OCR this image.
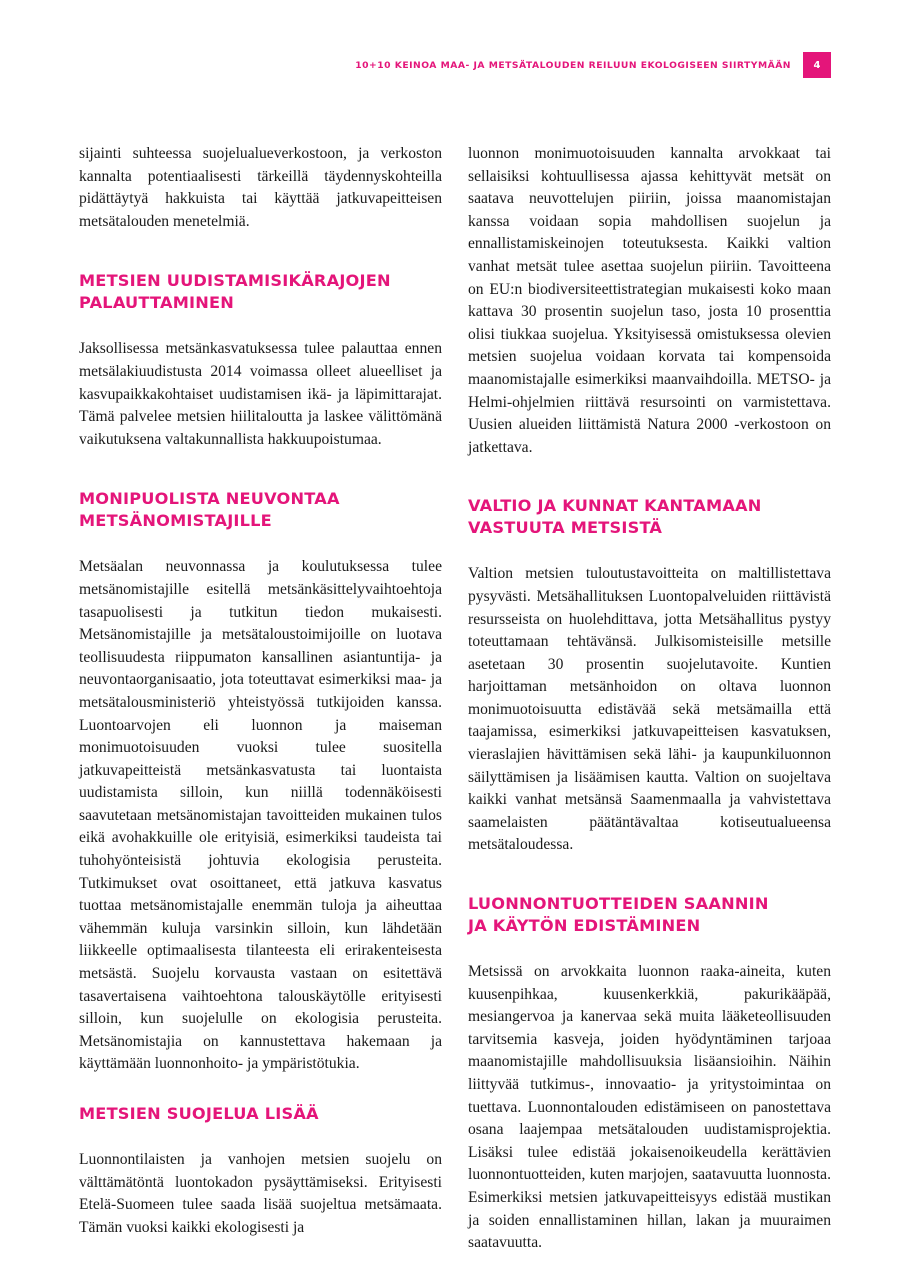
10+10 KEINOA MAA- JA METSÄTALOUDEN REILUUN EKOLOGISEEN SIIRTYMÄÄN	4

sijainti suhteessa suojelualueverkostoon, ja verkoston kannalta potentiaalisesti tärkeillä täydennyskohteilla pidättäytyä hakkuista tai käyttää jatkuvapeitteisen metsätalouden menetelmiä.

METSIEN UUDISTAMISIKÄRAJOJEN
PALAUTTAMINEN

Jaksollisessa metsänkasvatuksessa tulee palauttaa ennen metsälakiuudistusta 2014 voimassa olleet alueelliset ja kasvupaikkakohtaiset uudistamisen ikä- ja läpimittarajat. Tämä palvelee metsien hiilitaloutta ja laskee välittömänä vaikutuksena valtakunnallista hakkuupoistumaa.

MONIPUOLISTA NEUVONTAA
METSÄNOMISTAJILLE

Metsäalan neuvonnassa ja koulutuksessa tulee metsänomistajille esitellä metsänkäsittelyvaihtoehtoja tasapuolisesti ja tutkitun tiedon mukaisesti. Metsänomistajille ja metsätaloustoimijoille on luotava teollisuudesta riippumaton kansallinen asiantuntija- ja neuvontaorganisaatio, jota toteuttavat esimerkiksi maa- ja metsätalousministeriö yhteistyössä tutkijoiden kanssa. Luontoarvojen eli luonnon ja maiseman monimuotoisuuden vuoksi tulee suositella jatkuvapeitteistä metsänkasvatusta tai luontaista uudistamista silloin, kun niillä todennäköisesti saavutetaan metsänomistajan tavoitteiden mukainen tulos eikä avohakkuille ole erityisiä, esimerkiksi taudeista tai tuhohyönteisistä johtuvia ekologisia perusteita. Tutkimukset ovat osoittaneet, että jatkuva kasvatus tuottaa metsänomistajalle enemmän tuloja ja aiheuttaa vähemmän kuluja varsinkin silloin, kun lähdetään liikkeelle optimaalisesta tilanteesta eli erirakenteisesta metsästä. Suojelu korvausta vastaan on esitettävä tasavertaisena vaihtoehtona talouskäytölle erityisesti silloin, kun suojelulle on ekologisia perusteita. Metsänomistajia on kannustettava hakemaan ja käyttämään luonnonhoito- ja ympäristötukia.

METSIEN SUOJELUA LISÄÄ

Luonnontilaisten ja vanhojen metsien suojelu on välttämätöntä luontokadon pysäyttämiseksi. Erityisesti Etelä-Suomeen tulee saada lisää suojeltua metsämaata. Tämän vuoksi kaikki ekologisesti ja

luonnon monimuotoisuuden kannalta arvokkaat tai sellaisiksi kohtuullisessa ajassa kehittyvät metsät on saatava neuvottelujen piiriin, joissa maanomistajan kanssa voidaan sopia mahdollisen suojelun ja ennallistamiskeinojen toteutuksesta. Kaikki valtion vanhat metsät tulee asettaa suojelun piiriin. Tavoitteena on EU:n biodiversiteettistrategian mukaisesti koko maan kattava 30 prosentin suojelun taso, josta 10 prosenttia olisi tiukkaa suojelua. Yksityisessä omistuksessa olevien metsien suojelua voidaan korvata tai kompensoida maanomistajalle esimerkiksi maanvaihdoilla. METSO- ja Helmi-ohjelmien riittävä resursointi on varmistettava. Uusien alueiden liittämistä Natura 2000 -verkostoon on jatkettava.

VALTIO JA KUNNAT KANTAMAAN
VASTUUTA METSISTÄ

Valtion metsien tuloutustavoitteita on maltillistettava pysyvästi. Metsähallituksen Luontopalveluiden riittävistä resursseista on huolehdittava, jotta Metsähallitus pystyy toteuttamaan tehtävänsä. Julkisomisteisille metsille asetetaan 30 prosentin suojelutavoite. Kuntien harjoittaman metsänhoidon on oltava luonnon monimuotoisuutta edistävää sekä metsämailla että taajamissa, esimerkiksi jatkuvapeitteisen kasvatuksen, vieraslajien hävittämisen sekä lähi- ja kaupunkiluonnon säilyttämisen ja lisäämisen kautta. Valtion on suojeltava kaikki vanhat metsänsä Saamenmaalla ja vahvistettava saamelaisten päätäntävaltaa kotiseutualueensa metsätaloudessa.

LUONNONTUOTTEIDEN SAANNIN
JA KÄYTÖN EDISTÄMINEN

Metsissä on arvokkaita luonnon raaka-aineita, kuten kuusenpihkaa, kuusenkerkkiä, pakurikääpää, mesiangervoa ja kanervaa sekä muita lääketeollisuuden tarvitsemia kasveja, joiden hyödyntäminen tarjoaa maanomistajille mahdollisuuksia lisäansioihin. Näihin liittyvää tutkimus-, innovaatio- ja yritystoimintaa on tuettava. Luonnontalouden edistämiseen on panostettava osana laajempaa metsätalouden uudistamisprojektia. Lisäksi tulee edistää jokaisenoikeudella kerättävien luonnontuotteiden, kuten marjojen, saatavuutta luonnosta. Esimerkiksi metsien jatkuvapeitteisyys edistää mustikan ja soiden ennallistaminen hillan, lakan ja muuraimen saatavuutta.
